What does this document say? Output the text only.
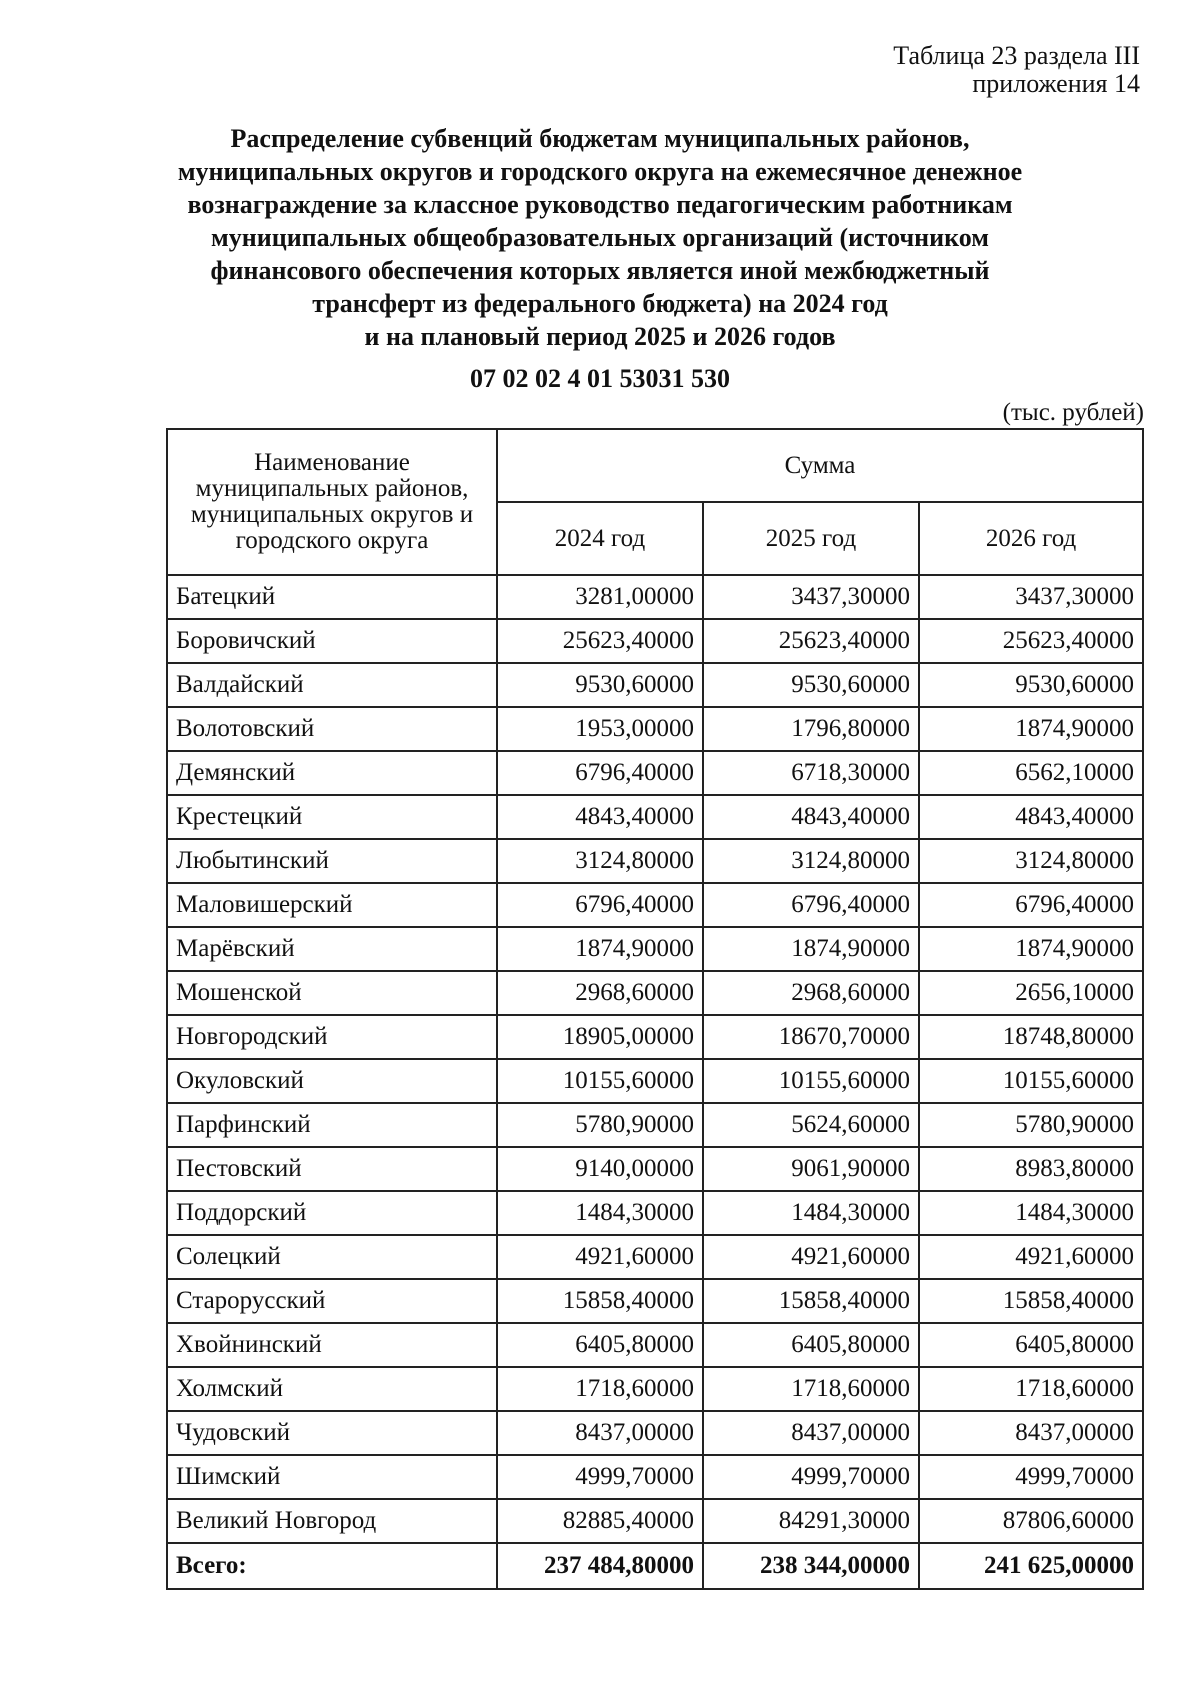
Таблица 23 раздела III
приложения 14
Распределение субвенций бюджетам муниципальных районов,
муниципальных округов и городского округа на ежемесячное денежное
вознаграждение за классное руководство педагогическим работникам
муниципальных общеобразовательных организаций (источником
финансового обеспечения которых является иной межбюджетный
трансферт из федерального бюджета) на 2024 год
и на плановый период 2025 и 2026 годов
07 02 02 4 01 53031 530
(тыс. рублей)
Наименование муниципальных районов, муниципальных округов и городского округа	Сумма		
	2024 год	2025 год	2026 год
Батецкий	3281,00000	3437,30000	3437,30000
Боровичский	25623,40000	25623,40000	25623,40000
Валдайский	9530,60000	9530,60000	9530,60000
Волотовский	1953,00000	1796,80000	1874,90000
Демянский	6796,40000	6718,30000	6562,10000
Крестецкий	4843,40000	4843,40000	4843,40000
Любытинский	3124,80000	3124,80000	3124,80000
Маловишерский	6796,40000	6796,40000	6796,40000
Марёвский	1874,90000	1874,90000	1874,90000
Мошенской	2968,60000	2968,60000	2656,10000
Новгородский	18905,00000	18670,70000	18748,80000
Окуловский	10155,60000	10155,60000	10155,60000
Парфинский	5780,90000	5624,60000	5780,90000
Пестовский	9140,00000	9061,90000	8983,80000
Поддорский	1484,30000	1484,30000	1484,30000
Солецкий	4921,60000	4921,60000	4921,60000
Старорусский	15858,40000	15858,40000	15858,40000
Хвойнинский	6405,80000	6405,80000	6405,80000
Холмский	1718,60000	1718,60000	1718,60000
Чудовский	8437,00000	8437,00000	8437,00000
Шимский	4999,70000	4999,70000	4999,70000
Великий Новгород	82885,40000	84291,30000	87806,60000
Всего:	237 484,80000	238 344,00000	241 625,00000
